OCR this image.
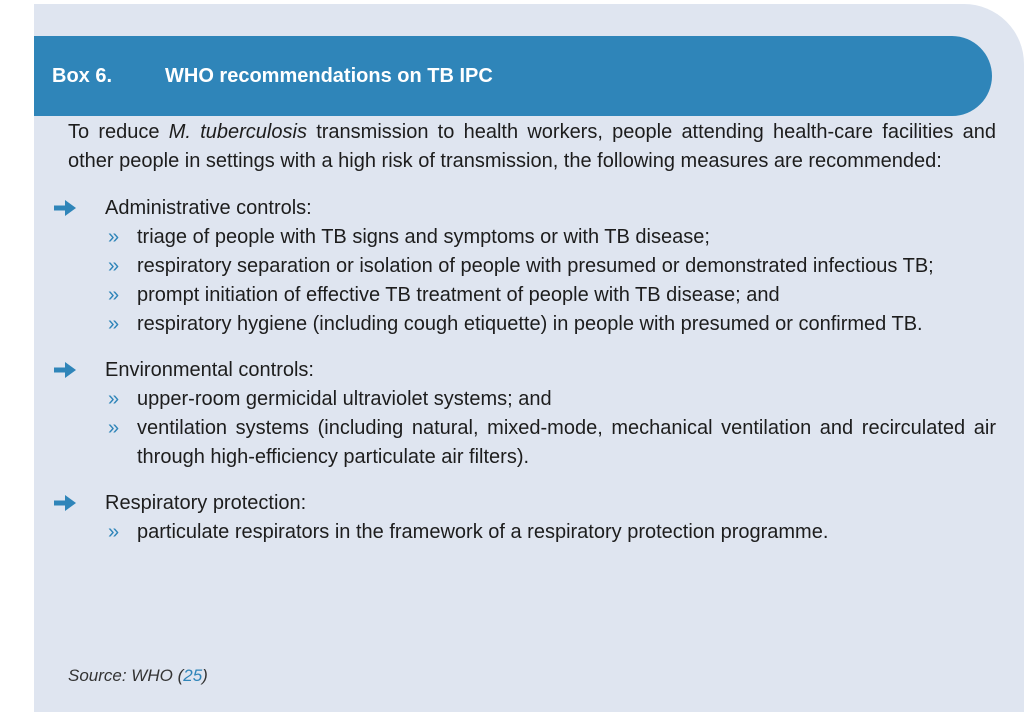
Box 6.	WHO recommendations on TB IPC

To reduce M. tuberculosis transmission to health workers, people attending health-care facilities and other people in settings with a high risk of transmission, the following measures are recommended:

Administrative controls:
» triage of people with TB signs and symptoms or with TB disease;
» respiratory separation or isolation of people with presumed or demonstrated infectious TB;
» prompt initiation of effective TB treatment of people with TB disease; and
» respiratory hygiene (including cough etiquette) in people with presumed or confirmed TB.
Environmental controls:
» upper-room germicidal ultraviolet systems; and
» ventilation systems (including natural, mixed-mode, mechanical ventilation and recirculated air through high-efficiency particulate air filters).
Respiratory protection:
» particulate respirators in the framework of a respiratory protection programme.
Source: WHO (25)
